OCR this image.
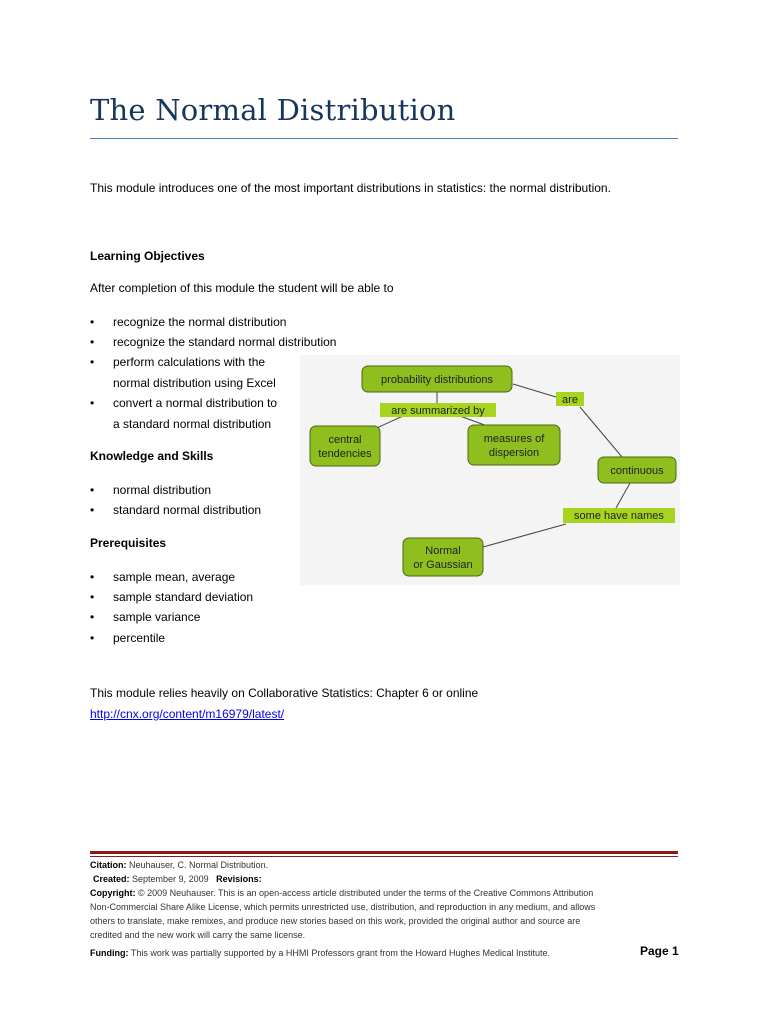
The Normal Distribution
This module introduces one of the most important distributions in statistics: the normal distribution.
Learning Objectives
After completion of this module the student will be able to
• recognize the normal distribution
• recognize the standard normal distribution
• perform calculations with the
normal distribution using Excel
• convert a normal distribution to
a standard normal distribution
Knowledge and Skills
• normal distribution
• standard normal distribution
Prerequisites
• sample mean, average
• sample standard deviation
• sample variance
• percentile
This module relies heavily on Collaborative Statistics: Chapter 6 or online
http://cnx.org/content/m16979/latest/
probability distributions
are summarized by
central
tendencies
measures of
dispersion
are
continuous
some have names
Normal
or Gaussian
Citation: Neuhauser, C. Normal Distribution.
Created: September 9, 2009 Revisions:
Copyright: © 2009 Neuhauser. This is an open-access article distributed under the terms of the Creative Commons Attribution
Non-Commercial Share Alike License, which permits unrestricted use, distribution, and reproduction in any medium, and allows
others to translate, make remixes, and produce new stories based on this work, provided the original author and source are
credited and the new work will carry the same license.
Funding: This work was partially supported by a HHMI Professors grant from the Howard Hughes Medical Institute.	Page 1
